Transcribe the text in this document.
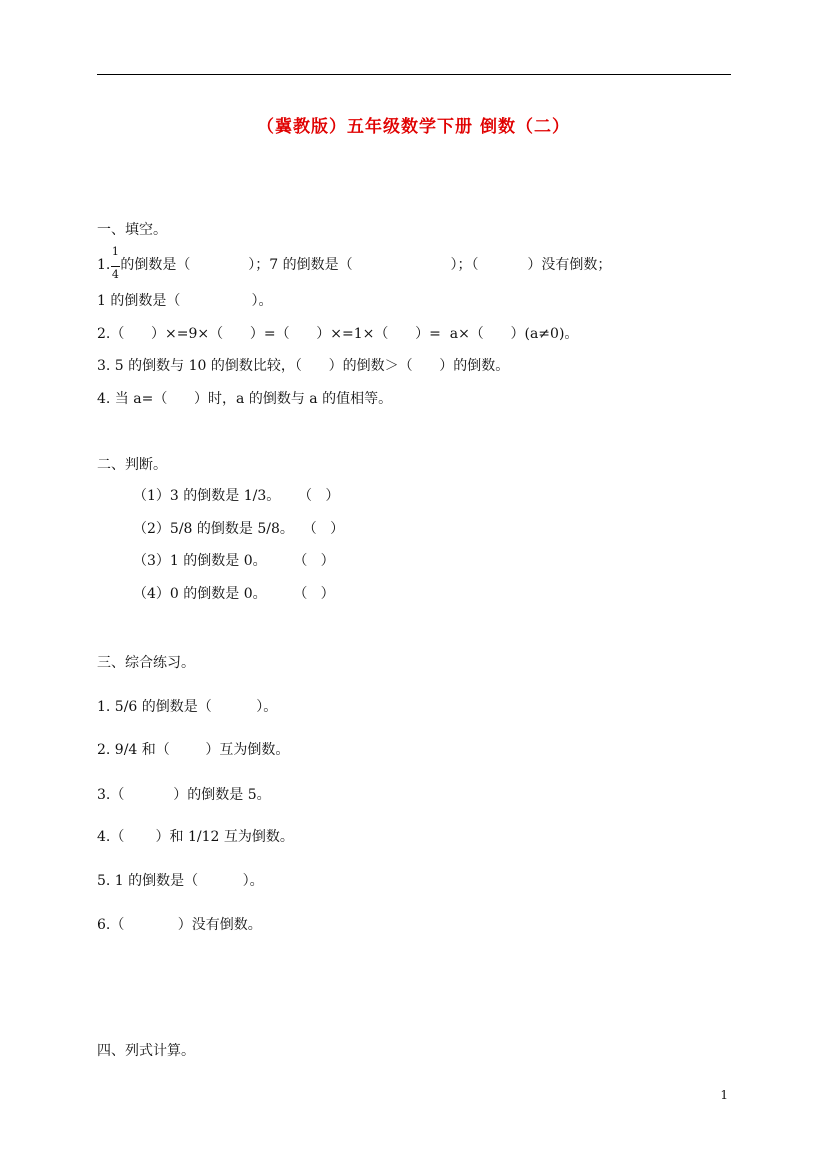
（冀教版）五年级数学下册 倒数（二）
一、填空。
1. $\frac{1}{4}$ 的倒数是（             ）；7 的倒数是（                      ）；（           ）没有倒数；
1 的倒数是（                ）。
2.（      ）×=9×（      ）=（      ）×=1×（      ）=  a×（      ）(a≠0)。
3. 5 的倒数与 10 的倒数比较，（      ）的倒数＞（      ）的倒数。
4. 当 a=（      ）时，a 的倒数与 a 的值相等。
二、判断。
（1）3 的倒数是 1/3。    （   ）
（2）5/8 的倒数是 5/8。  （   ）
（3）1 的倒数是 0。      （   ）
（4）0 的倒数是 0。      （   ）
三、综合练习。
1. 5/6 的倒数是（          ）。
2. 9/4 和（        ）互为倒数。
3.（           ）的倒数是 5。
4.（       ）和 1/12 互为倒数。
5. 1 的倒数是（          ）。
6.（            ）没有倒数。
四、列式计算。
1
